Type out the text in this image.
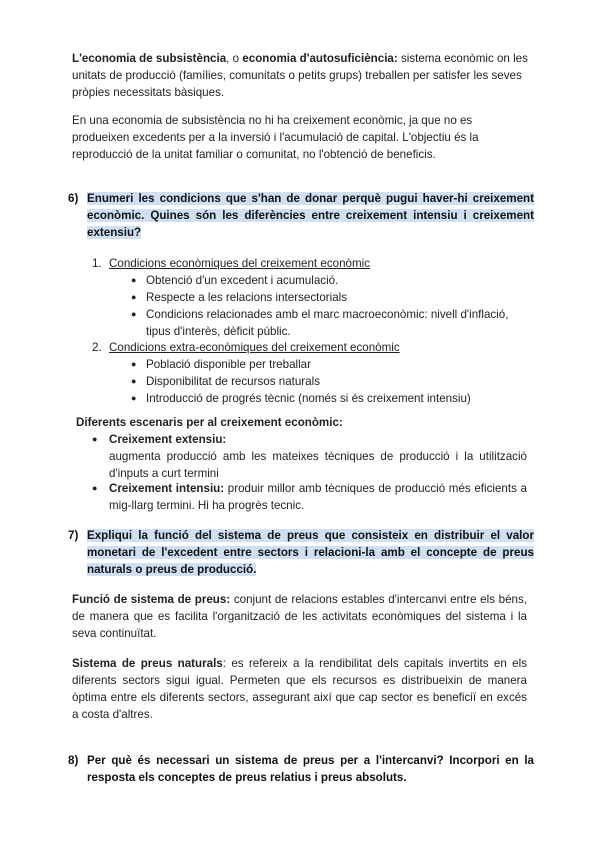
L'economia de subsistència, o economia d'autosuficiència: sistema econòmic on les unitats de producció (famílies, comunitats o petits grups) treballen per satisfer les seves pròpies necessitats bàsiques.

En una economia de subsistència no hi ha creixement econòmic, ja que no es produeixen excedents per a la inversió i l'acumulació de capital. L'objectiu és la reproducció de la unitat familiar o comunitat, no l'obtenció de beneficis.

6) Enumeri les condicions que s'han de donar perquè pugui haver-hi creixement econòmic. Quines són les diferències entre creixement intensiu i creixement extensiu?
1. Condicions econòmiques del creixement econòmic
● Obtenció d'un excedent i acumulació.
● Respecte a les relacions intersectorials
● Condicions relacionades amb el marc macroeconòmic: nivell d'inflació, tipus d'interès, dèficit públic.
2. Condicions extra-econòmiques del creixement econòmic
● Població disponible per treballar
● Disponibilitat de recursos naturals
● Introducció de progrés tècnic (només si és creixement intensiu)
Diferents escenaris per al creixement econòmic:
● Creixement extensiu:
augmenta producció amb les mateixes tècniques de producció i la utilització d'inputs a curt termini
● Creixement intensiu: produir millor amb tècniques de producció més eficients a mig-llarg termini. Hi ha progrès tecnic.
7) Expliqui la funció del sistema de preus que consisteix en distribuir el valor monetari de l'excedent entre sectors i relacioni-la amb el concepte de preus naturals o preus de producció.

Funció de sistema de preus: conjunt de relacions estables d'intercanvi entre els béns, de manera que es facilita l'organització de les activitats econòmiques del sistema i la seva continuïtat.

Sistema de preus naturals: es refereix a la rendibilitat dels capitals invertits en els diferents sectors sigui igual. Permeten que els recursos es distribueixin de manera òptima entre els diferents sectors, assegurant així que cap sector es beneficiï en excés a costa d'altres.

8) Per què és necessari un sistema de preus per a l'intercanvi? Incorpori en la resposta els conceptes de preus relatius i preus absoluts.
